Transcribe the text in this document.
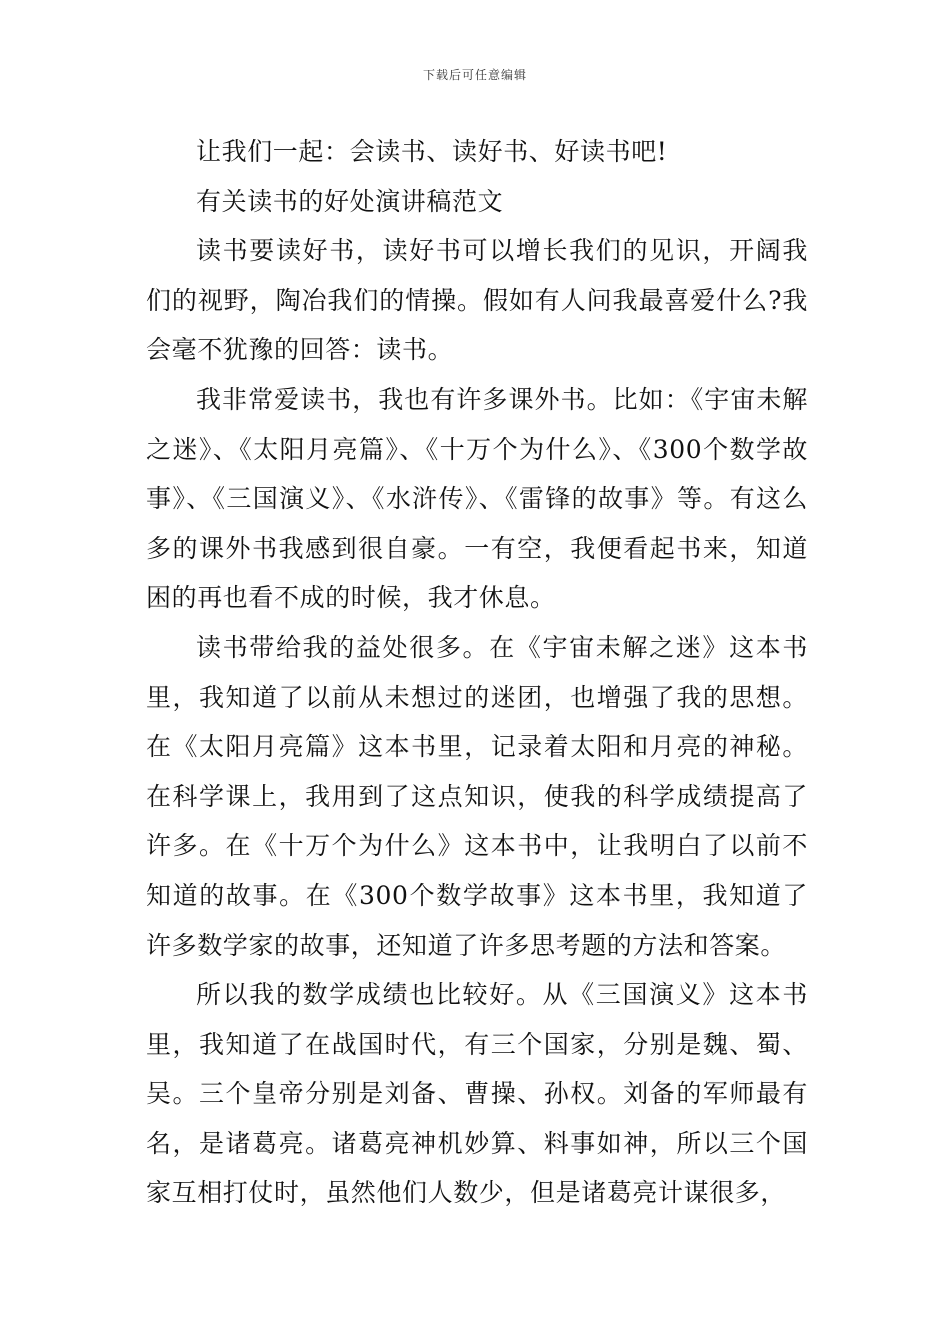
下载后可任意编辑

让我们一起：会读书、读好书、好读书吧!

有关读书的好处演讲稿范文

读书要读好书，读好书可以增长我们的见识，开阔我们的视野，陶冶我们的情操。假如有人问我最喜爱什么?我会毫不犹豫的回答：读书。

我非常爱读书，我也有许多课外书。比如：《宇宙未解之迷》、《太阳月亮篇》、《十万个为什么》、《300个数学故事》、《三国演义》、《水浒传》、《雷锋的故事》等。有这么多的课外书我感到很自豪。一有空，我便看起书来，知道困的再也看不成的时候，我才休息。

读书带给我的益处很多。在《宇宙未解之迷》这本书里，我知道了以前从未想过的迷团，也增强了我的思想。在《太阳月亮篇》这本书里，记录着太阳和月亮的神秘。在科学课上，我用到了这点知识，使我的科学成绩提高了许多。在《十万个为什么》这本书中，让我明白了以前不知道的故事。在《300个数学故事》这本书里，我知道了许多数学家的故事，还知道了许多思考题的方法和答案。

所以我的数学成绩也比较好。从《三国演义》这本书里，我知道了在战国时代，有三个国家，分别是魏、蜀、吴。三个皇帝分别是刘备、曹操、孙权。刘备的军师最有名，是诸葛亮。诸葛亮神机妙算、料事如神，所以三个国家互相打仗时，虽然他们人数少，但是诸葛亮计谋很多，
